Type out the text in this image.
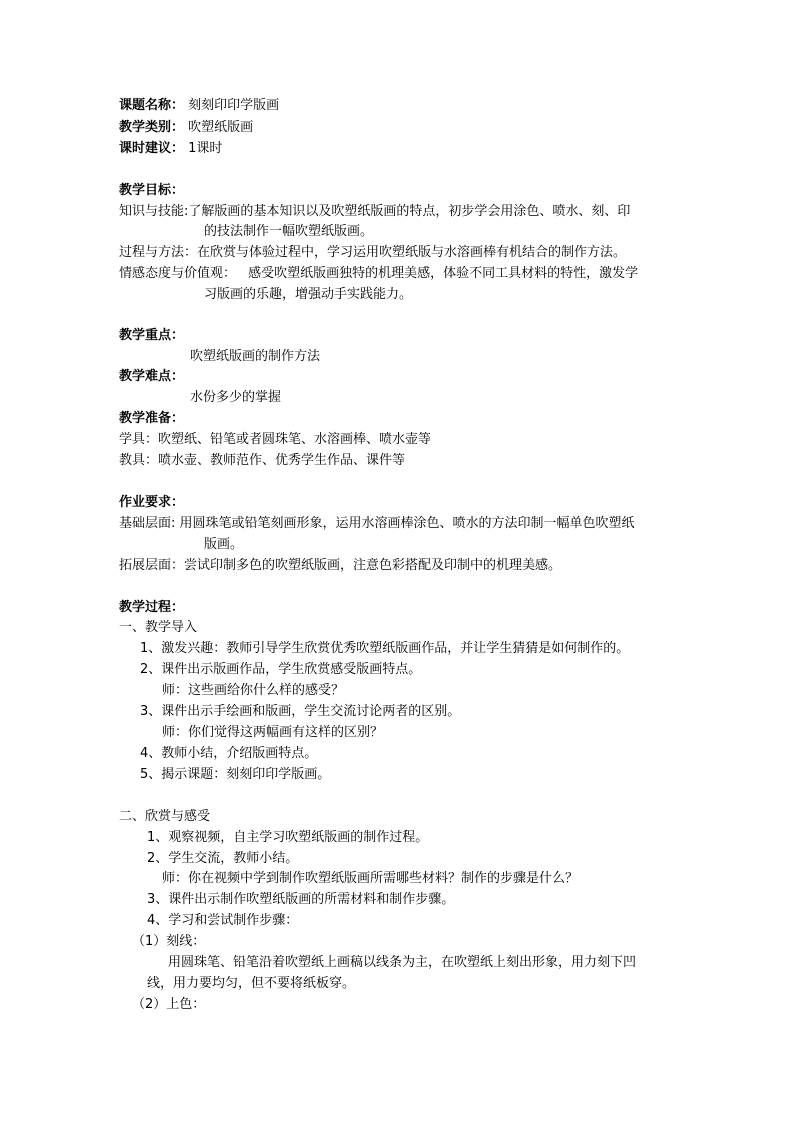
课题名称： 刻刻印印学版画
教学类别： 吹塑纸版画
课时建议： 1课时
教学目标：
知识与技能:了解版画的基本知识以及吹塑纸版画的特点，初步学会用涂色、喷水、刻、印
的技法制作一幅吹塑纸版画。
过程与方法：在欣赏与体验过程中，学习运用吹塑纸版与水溶画棒有机结合的制作方法。
情感态度与价值观： 感受吹塑纸版画独特的机理美感，体验不同工具材料的特性，激发学
习版画的乐趣，增强动手实践能力。
教学重点：
吹塑纸版画的制作方法
教学难点：
水份多少的掌握
教学准备：
学具：吹塑纸、铅笔或者圆珠笔、水溶画棒、喷水壶等
教具：喷水壶、教师范作、优秀学生作品、课件等
作业要求：
基础层面: 用圆珠笔或铅笔刻画形象，运用水溶画棒涂色、喷水的方法印制一幅单色吹塑纸
版画。
拓展层面：尝试印制多色的吹塑纸版画，注意色彩搭配及印制中的机理美感。
教学过程：
一、教学导入
1、激发兴趣：教师引导学生欣赏优秀吹塑纸版画作品，并让学生猜猜是如何制作的。
2、课件出示版画作品，学生欣赏感受版画特点。
师：这些画给你什么样的感受？
3、课件出示手绘画和版画，学生交流讨论两者的区别。
师：你们觉得这两幅画有这样的区别？
4、教师小结，介绍版画特点。
5、揭示课题：刻刻印印学版画。
二、欣赏与感受
1、观察视频，自主学习吹塑纸版画的制作过程。
2、学生交流，教师小结。
师：你在视频中学到制作吹塑纸版画所需哪些材料？制作的步骤是什么？
3、课件出示制作吹塑纸版画的所需材料和制作步骤。
4、学习和尝试制作步骤：
（1）刻线：
用圆珠笔、铅笔沿着吹塑纸上画稿以线条为主，在吹塑纸上刻出形象，用力刻下凹
线，用力要均匀，但不要将纸板穿。
（2）上色：
